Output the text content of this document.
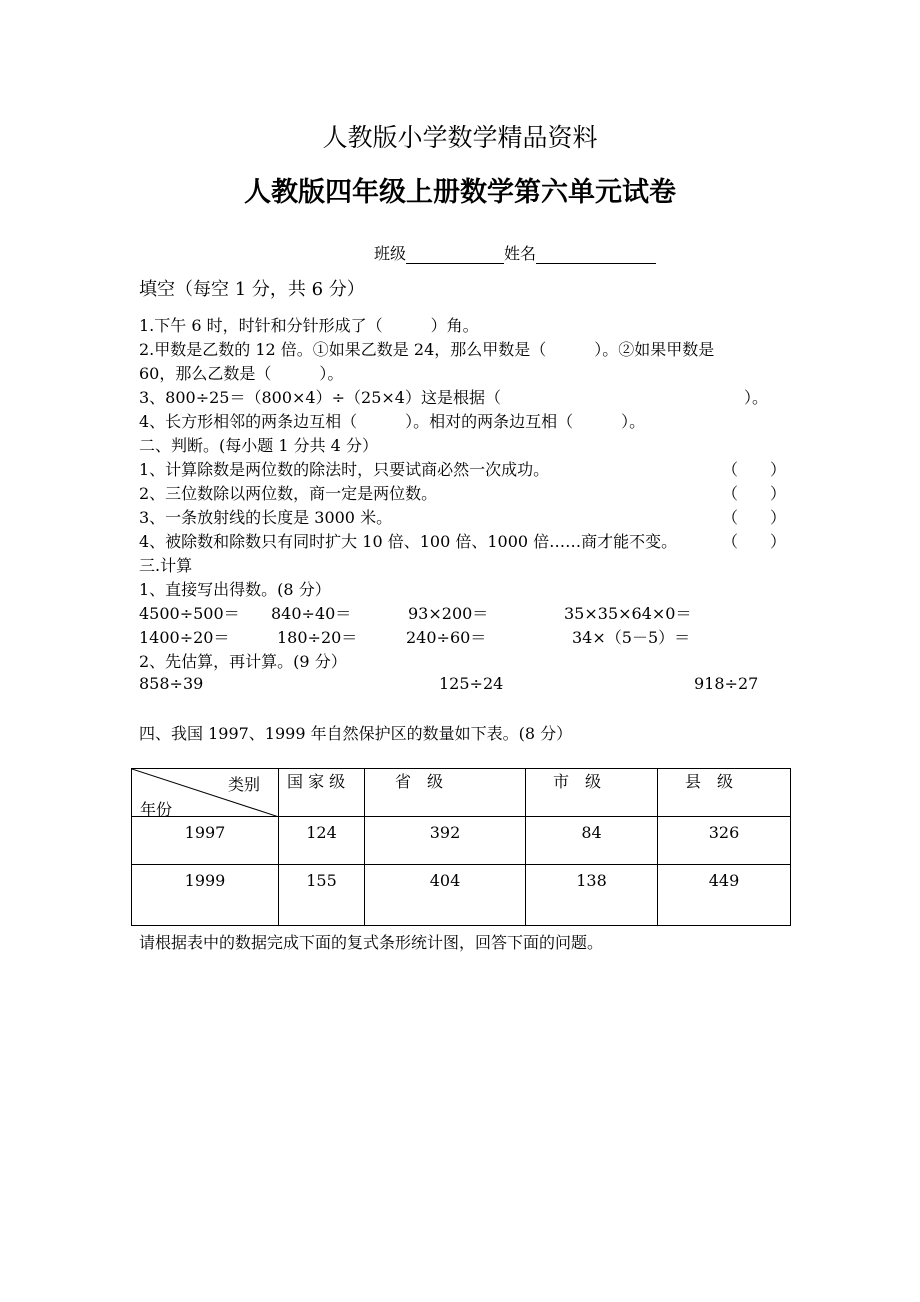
人教版小学数学精品资料
人教版四年级上册数学第六单元试卷
班级	姓名
填空（每空 1 分，共 6 分）
1.下午 6 时，时针和分针形成了（　　　）角。
2.甲数是乙数的 12 倍。①如果乙数是 24，那么甲数是（　　　）。②如果甲数是
60，那么乙数是（　　　）。
3、800÷25＝（800×4）÷（25×4）这是根据（	）。
4、长方形相邻的两条边互相（　　　）。相对的两条边互相（　　　）。
二、判断。(每小题 1 分共 4 分）
1、计算除数是两位数的除法时，只要试商必然一次成功。	（　　）
2、三位数除以两位数，商一定是两位数。	（　　）
3、一条放射线的长度是 3000 米。	（　　）
4、被除数和除数只有同时扩大 10 倍、100 倍、1000 倍……商才能不变。	（　　）
三.计算
1、直接写出得数。(8 分）
4500÷500＝ 840÷40＝	93×200＝	35×35×64×0＝
1400÷20＝	180÷20＝	240÷60＝	34×（5－5）＝
2、先估算，再计算。(9 分）
858÷39	125÷24	918÷27
四、我国 1997、1999 年自然保护区的数量如下表。(8 分）
类别
年份	国 家 级	省　级	市　级	县　级
1997	124	392	84	326
1999	155	404	138	449
请根据表中的数据完成下面的复式条形统计图，回答下面的问题。
